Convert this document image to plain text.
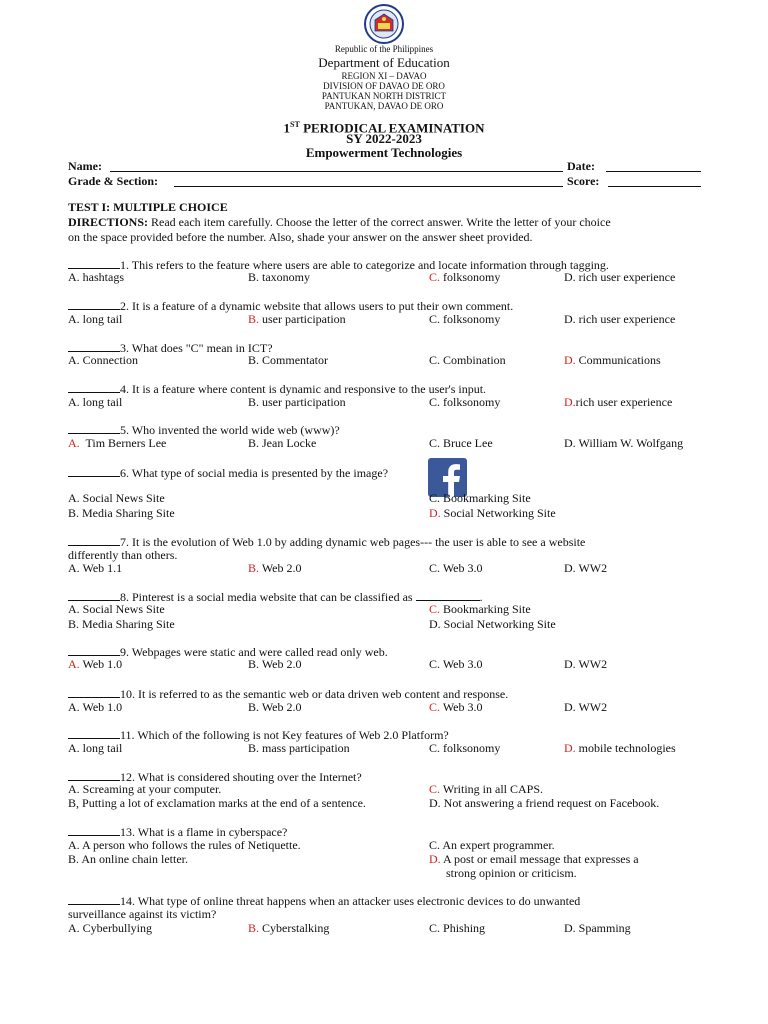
Republic of the Philippines
Department of Education
REGION XI – DAVAO
DIVISION OF DAVAO DE ORO
PANTUKAN NORTH DISTRICT
PANTUKAN, DAVAO DE ORO
1ST PERIODICAL EXAMINATION
SY 2022-2023
Empowerment Technologies
Name:	Date:
Grade & Section:	Score:
TEST I: MULTIPLE CHOICE
DIRECTIONS: Read each item carefully. Choose the letter of the correct answer. Write the letter of your choice
on the space provided before the number. Also, shade your answer on the answer sheet provided.
1. This refers to the feature where users are able to categorize and locate information through tagging.
A. hashtags	B. taxonomy	C. folksonomy	D. rich user experience
2. It is a feature of a dynamic website that allows users to put their own comment.
A. long tail	B. user participation	C. folksonomy	D. rich user experience
3. What does "C" mean in ICT?
A. Connection	B. Commentator	C. Combination	D. Communications
4. It is a feature where content is dynamic and responsive to the user's input.
A. long tail	B. user participation	C. folksonomy	D.rich user experience
5. Who invented the world wide web (www)?
A. Tim Berners Lee	B. Jean Locke	C. Bruce Lee	D. William W. Wolfgang
6. What type of social media is presented by the image?
A. Social News Site
B. Media Sharing Site
C. Bookmarking Site
D. Social Networking Site
7. It is the evolution of Web 1.0 by adding dynamic web pages--- the user is able to see a website
differently than others.
A. Web 1.1	B. Web 2.0	C. Web 3.0	D. WW2
8. Pinterest is a social media website that can be classified as	.
A. Social News Site
B. Media Sharing Site
C. Bookmarking Site
D. Social Networking Site
9. Webpages were static and were called read only web.
A. Web 1.0	B. Web 2.0	C. Web 3.0	D. WW2
10. It is referred to as the semantic web or data driven web content and response.
A. Web 1.0	B. Web 2.0	C. Web 3.0	D. WW2
11. Which of the following is not Key features of Web 2.0 Platform?
A. long tail	B. mass participation	C. folksonomy	D. mobile technologies
12. What is considered shouting over the Internet?
A. Screaming at your computer.
B, Putting a lot of exclamation marks at the end of a sentence.
C. Writing in all CAPS.
D. Not answering a friend request on Facebook.
13. What is a flame in cyberspace?
A. A person who follows the rules of Netiquette.
B. An online chain letter.
C. An expert programmer.
D. A post or email message that expresses a
strong opinion or criticism.
14. What type of online threat happens when an attacker uses electronic devices to do unwanted
surveillance against its victim?
A. Cyberbullying	B. Cyberstalking	C. Phishing	D. Spamming
